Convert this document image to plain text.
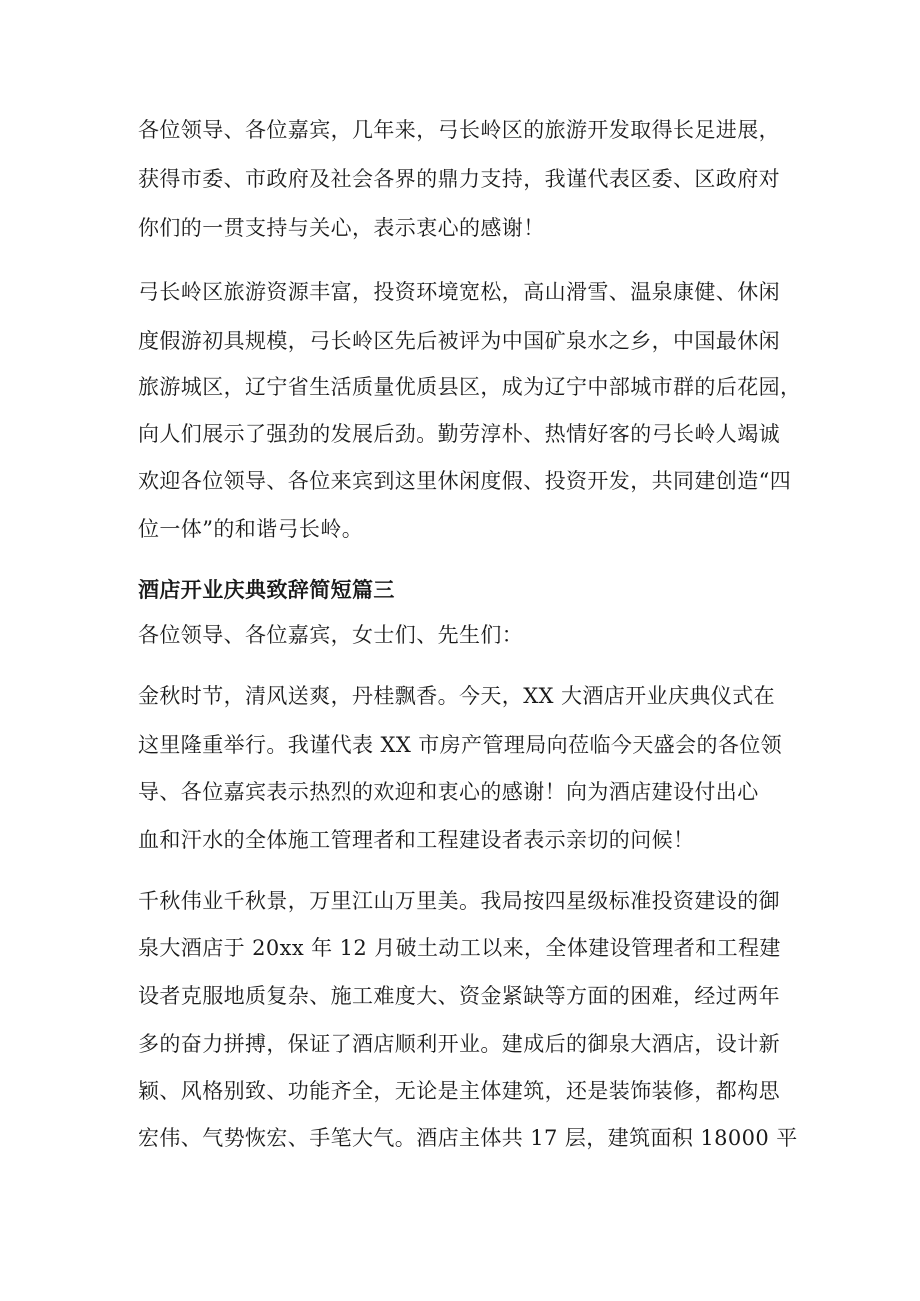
各位领导、各位嘉宾，几年来，弓长岭区的旅游开发取得长足进展，
获得市委、市政府及社会各界的鼎力支持，我谨代表区委、区政府对
你们的一贯支持与关心，表示衷心的感谢！
弓长岭区旅游资源丰富，投资环境宽松，高山滑雪、温泉康健、休闲
度假游初具规模，弓长岭区先后被评为中国矿泉水之乡，中国最休闲
旅游城区，辽宁省生活质量优质县区，成为辽宁中部城市群的后花园，
向人们展示了强劲的发展后劲。勤劳淳朴、热情好客的弓长岭人竭诚
欢迎各位领导、各位来宾到这里休闲度假、投资开发，共同建创造“四
位一体”的和谐弓长岭。
酒店开业庆典致辞简短篇三
各位领导、各位嘉宾，女士们、先生们：
金秋时节，清风送爽，丹桂飘香。今天，XX 大酒店开业庆典仪式在
这里隆重举行。我谨代表 XX 市房产管理局向莅临今天盛会的各位领
导、各位嘉宾表示热烈的欢迎和衷心的感谢！向为酒店建设付出心
血和汗水的全体施工管理者和工程建设者表示亲切的问候！
千秋伟业千秋景，万里江山万里美。我局按四星级标准投资建设的御
泉大酒店于 20xx 年 12 月破土动工以来，全体建设管理者和工程建
设者克服地质复杂、施工难度大、资金紧缺等方面的困难，经过两年
多的奋力拼搏，保证了酒店顺利开业。建成后的御泉大酒店，设计新
颖、风格别致、功能齐全，无论是主体建筑，还是装饰装修，都构思
宏伟、气势恢宏、手笔大气。酒店主体共 17 层，建筑面积 18000 平
